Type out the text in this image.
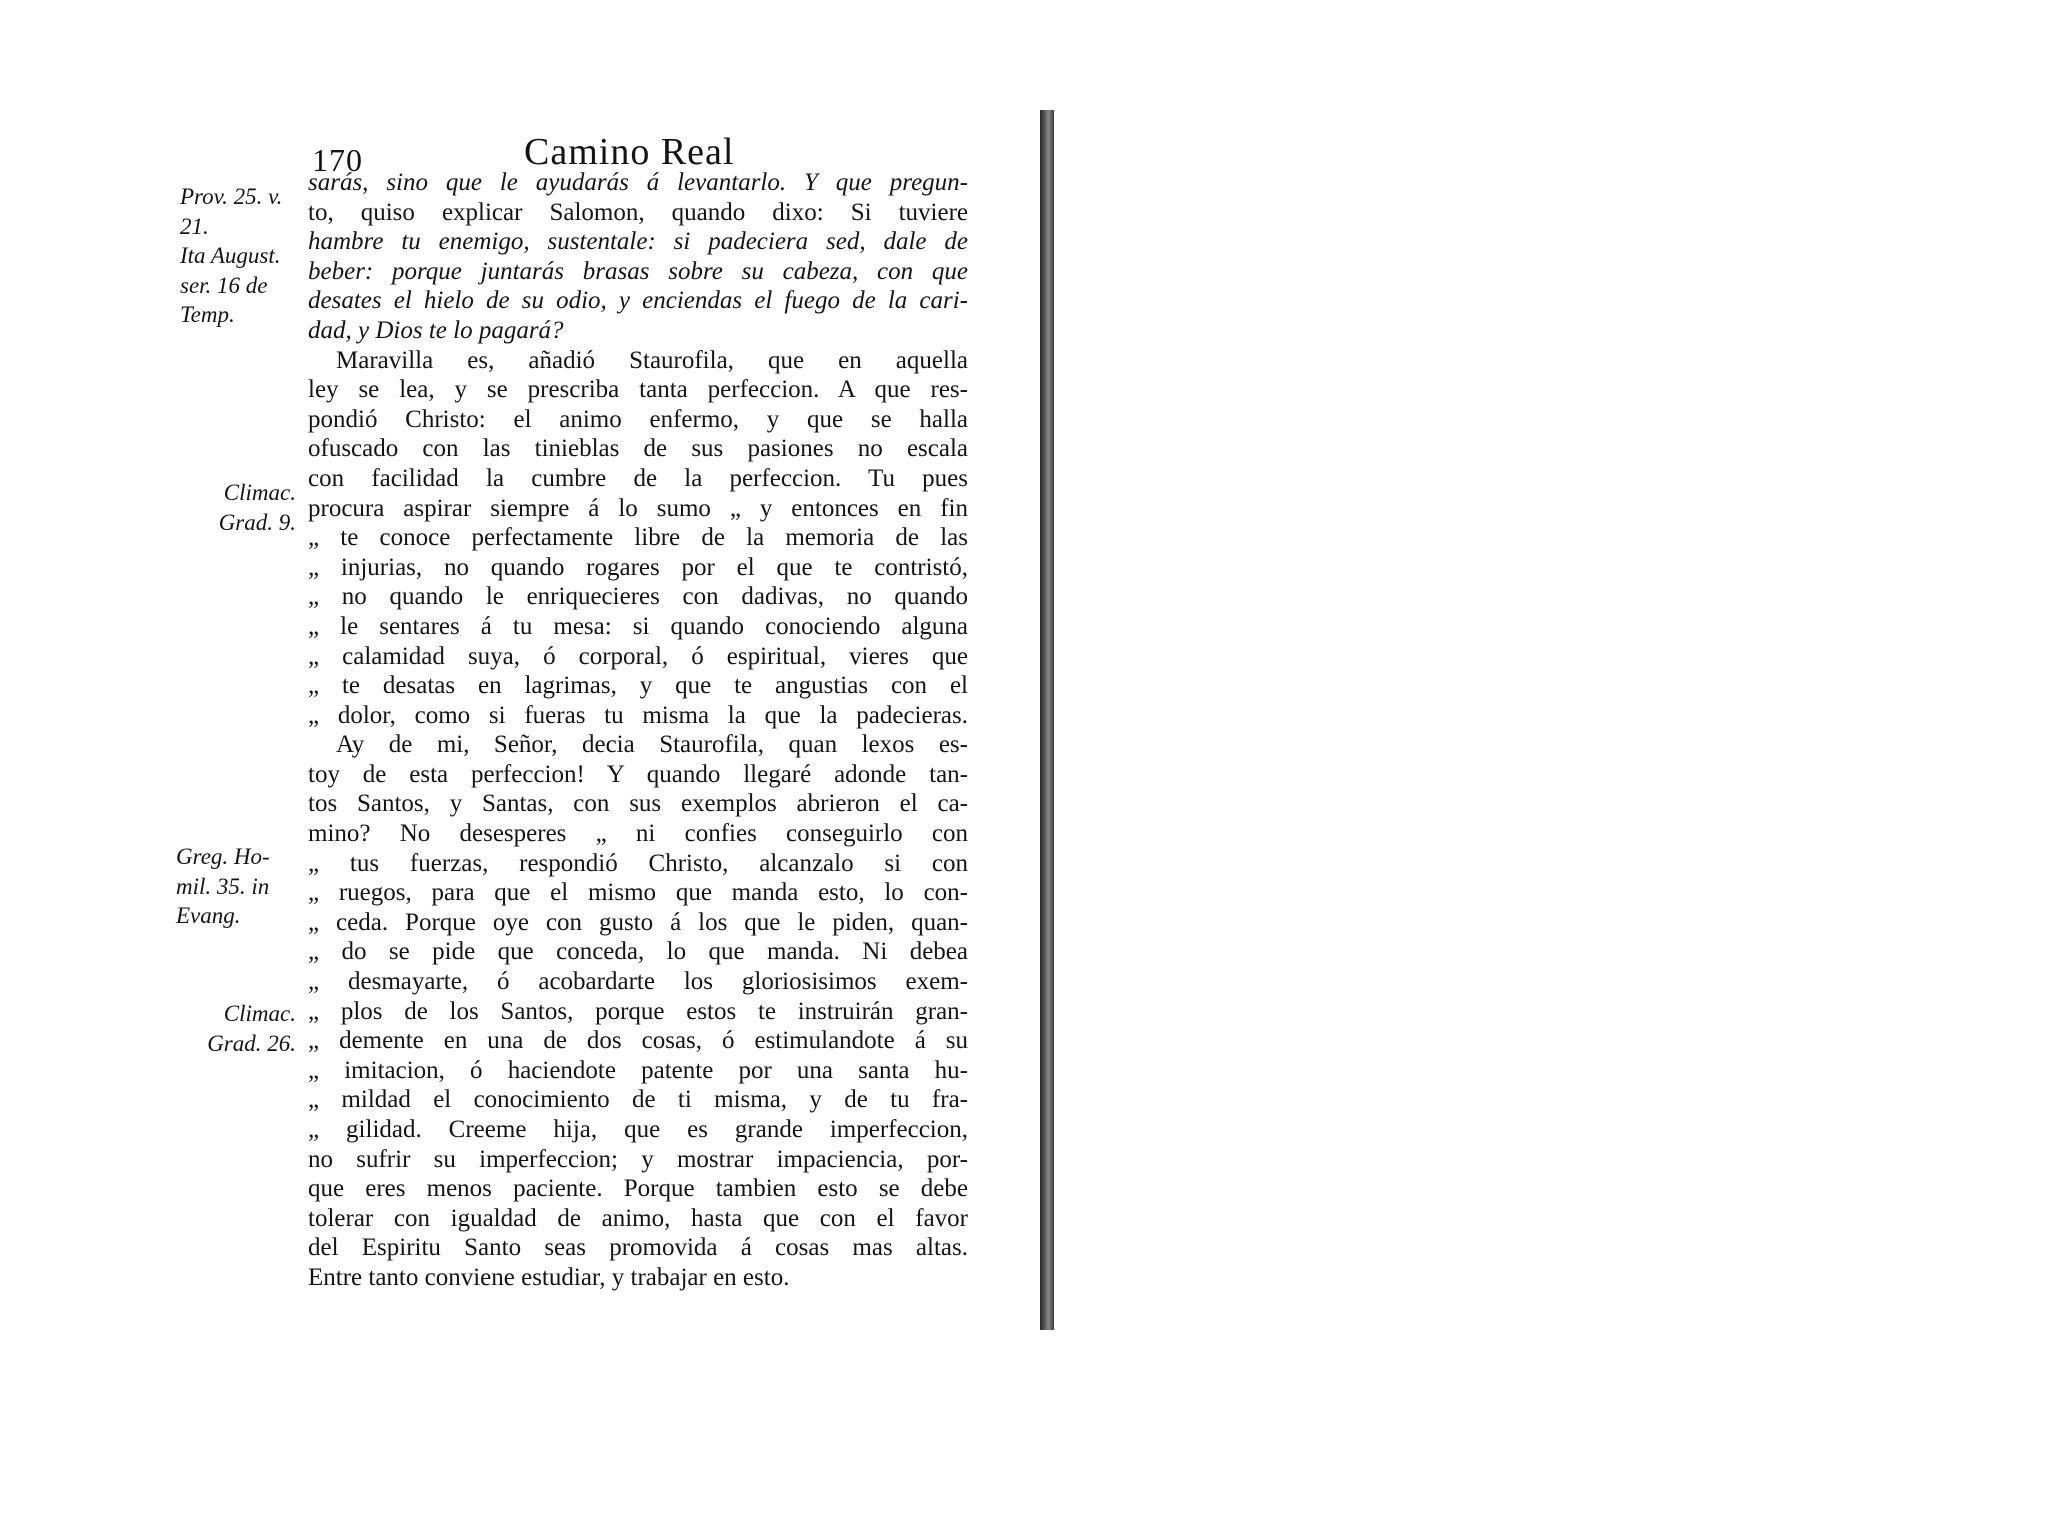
170	Camino Real
Prov. 25. v.
21.
Ita August.
ser. 16 de
Temp.
Climac.
Grad. 9.
Greg. Ho-
mil. 35. in
Evang.
Climac.
Grad. 26.
sarás, sino que le ayudarás á levantarlo. Y que pregun-
to, quiso explicar Salomon, quando dixo: Si tuviere
hambre tu enemigo, sustentale: si padeciera sed, dale de
beber: porque juntarás brasas sobre su cabeza, con que
desates el hielo de su odio, y enciendas el fuego de la cari-
dad, y Dios te lo pagará?
Maravilla es, añadió Staurofila, que en aquella
ley se lea, y se prescriba tanta perfeccion. A que res-
pondió Christo: el animo enfermo, y que se halla
ofuscado con las tinieblas de sus pasiones no escala
con facilidad la cumbre de la perfeccion. Tu pues
procura aspirar siempre á lo sumo „ y entonces en fin
„ te conoce perfectamente libre de la memoria de las
„ injurias, no quando rogares por el que te contristó,
„ no quando le enriquecieres con dadivas, no quando
„ le sentares á tu mesa: si quando conociendo alguna
„ calamidad suya, ó corporal, ó espiritual, vieres que
„ te desatas en lagrimas, y que te angustias con el
„ dolor, como si fueras tu misma la que la padecieras.
Ay de mi, Señor, decia Staurofila, quan lexos es-
toy de esta perfeccion! Y quando llegaré adonde tan-
tos Santos, y Santas, con sus exemplos abrieron el ca-
mino? No desesperes „ ni confies conseguirlo con
„ tus fuerzas, respondió Christo, alcanzalo si con
„ ruegos, para que el mismo que manda esto, lo con-
„ ceda. Porque oye con gusto á los que le piden, quan-
„ do se pide que conceda, lo que manda. Ni debea
„ desmayarte, ó acobardarte los gloriosisimos exem-
„ plos de los Santos, porque estos te instruirán gran-
„ demente en una de dos cosas, ó estimulandote á su
„ imitacion, ó haciendote patente por una santa hu-
„ mildad el conocimiento de ti misma, y de tu fra-
„ gilidad. Creeme hija, que es grande imperfeccion,
no sufrir su imperfeccion; y mostrar impaciencia, por-
que eres menos paciente. Porque tambien esto se debe
tolerar con igualdad de animo, hasta que con el favor
del Espiritu Santo seas promovida á cosas mas altas.
Entre tanto conviene estudiar, y trabajar en esto.
